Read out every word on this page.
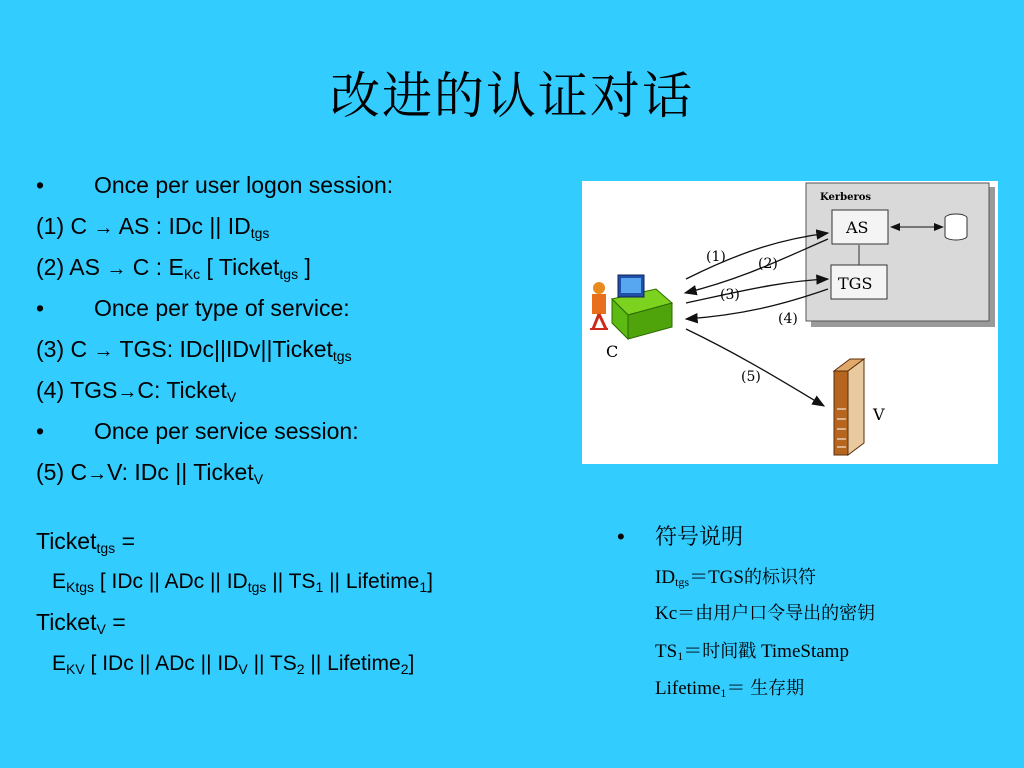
改进的认证对话
• Once per user logon session:
(1) C → AS : IDc || $ID_{tgs}$
(2) AS → C : $E_{Kc}$ [ Ticket$_{tgs}$ ]
• Once per type of service:
(3) C → TGS: IDc||IDv||Ticket$_{tgs}$
(4) TGS→C: Ticket$_V$
• Once per service session:
(5) C→V: IDc || Ticket$_V$
Ticket$_{tgs}$ =
$E_{Ktgs}$ [ IDc || ADc || $ID_{tgs}$ || $TS_1$ || Lifetime$_1$]
Ticket$_V$ =
$E_{KV}$ [ IDc || ADc || $ID_V$ || $TS_2$ || Lifetime$_2$]
Kerberos
AS
TGS
C
(1) (2)
(3)
(4)
(5)
V
• 符号说明
$ID_{tgs}=TGS$的标识符
Kc＝由用户口令导出的密钥
$TS_1=$时间戳 TimeStamp
Lifetime$_1$＝ 生存期
